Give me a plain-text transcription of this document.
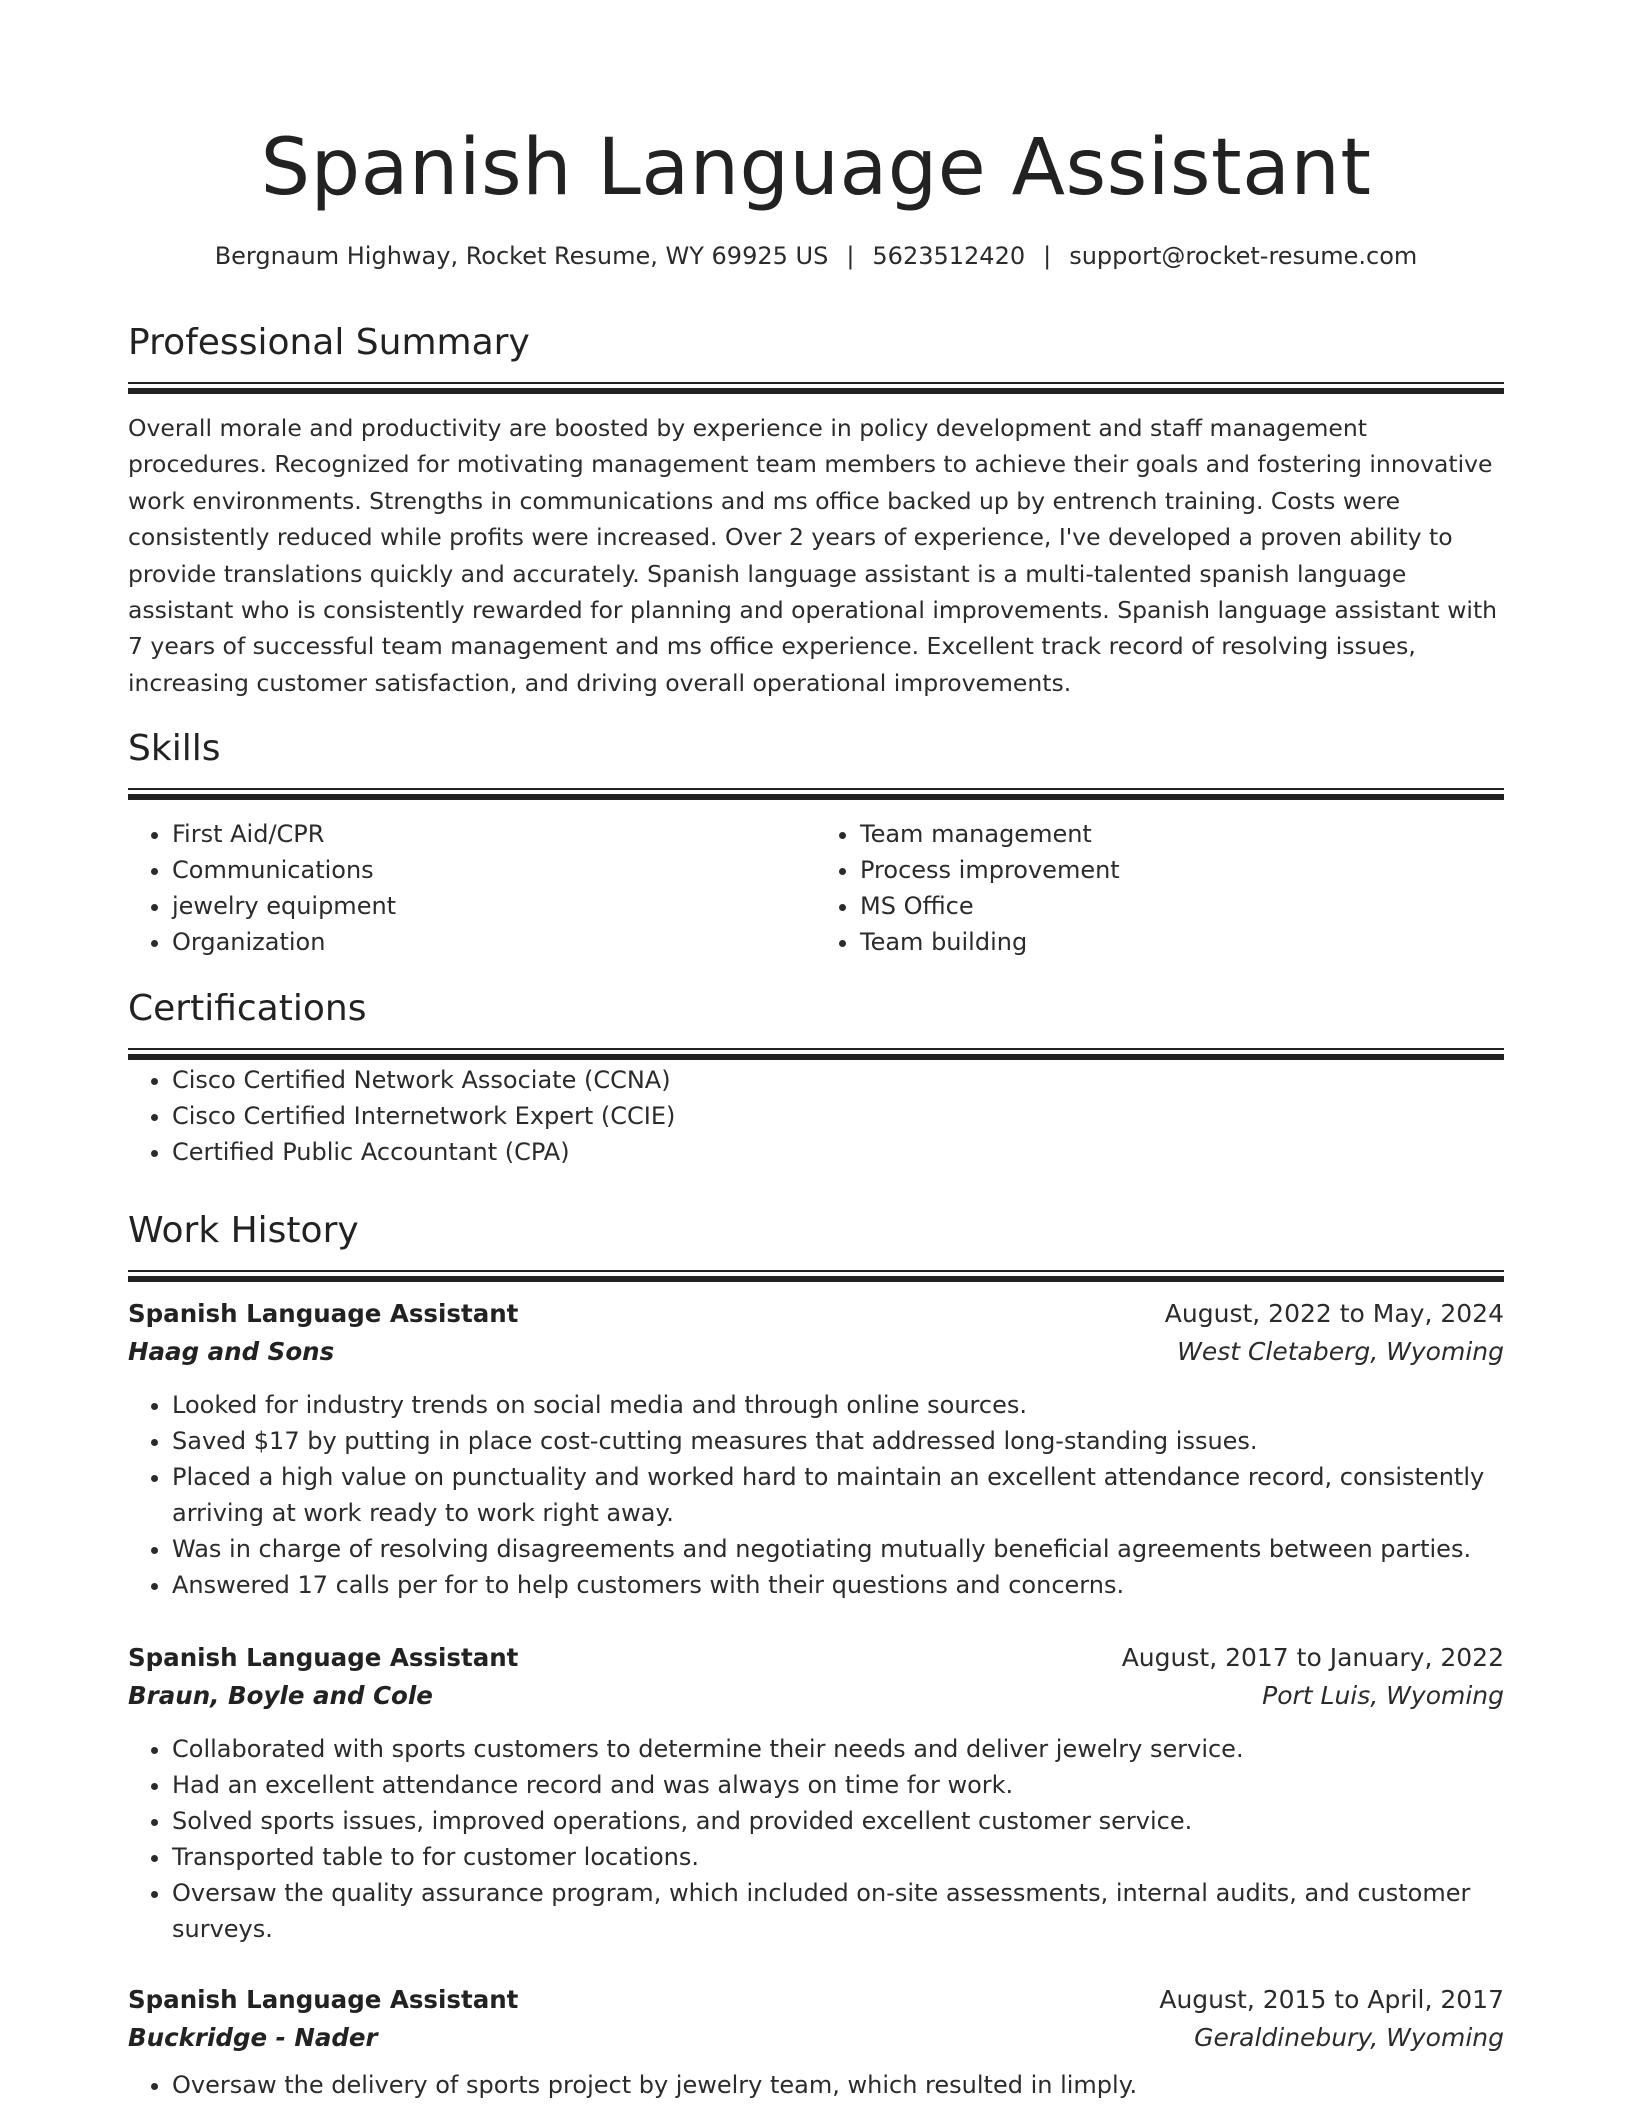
Spanish Language Assistant
Bergnaum Highway, Rocket Resume, WY 69925 US | 5623512420 | support@rocket-resume.com
Professional Summary

Overall morale and productivity are boosted by experience in policy development and staff management procedures. Recognized for motivating management team members to achieve their goals and fostering innovative work environments. Strengths in communications and ms office backed up by entrench training. Costs were consistently reduced while profits were increased. Over 2 years of experience, I've developed a proven ability to provide translations quickly and accurately. Spanish language assistant is a multi-talented spanish language assistant who is consistently rewarded for planning and operational improvements. Spanish language assistant with 7 years of successful team management and ms office experience. Excellent track record of resolving issues, increasing customer satisfaction, and driving overall operational improvements.

Skills
• First Aid/CPR
• Communications
• jewelry equipment
• Organization
• Team management
• Process improvement
• MS Office
• Team building
Certifications
• Cisco Certified Network Associate (CCNA)
• Cisco Certified Internetwork Expert (CCIE)
• Certified Public Accountant (CPA)
Work History
Spanish Language Assistant	August, 2022 to May, 2024
Haag and Sons	West Cletaberg, Wyoming
• Looked for industry trends on social media and through online sources.
• Saved $17 by putting in place cost-cutting measures that addressed long-standing issues.
• Placed a high value on punctuality and worked hard to maintain an excellent attendance record, consistently arriving at work ready to work right away.
• Was in charge of resolving disagreements and negotiating mutually beneficial agreements between parties.
• Answered 17 calls per for to help customers with their questions and concerns.
Spanish Language Assistant	August, 2017 to January, 2022
Braun, Boyle and Cole	Port Luis, Wyoming
• Collaborated with sports customers to determine their needs and deliver jewelry service.
• Had an excellent attendance record and was always on time for work.
• Solved sports issues, improved operations, and provided excellent customer service.
• Transported table to for customer locations.
• Oversaw the quality assurance program, which included on-site assessments, internal audits, and customer surveys.
Spanish Language Assistant	August, 2015 to April, 2017
Buckridge - Nader	Geraldinebury, Wyoming
• Oversaw the delivery of sports project by jewelry team, which resulted in limply.
